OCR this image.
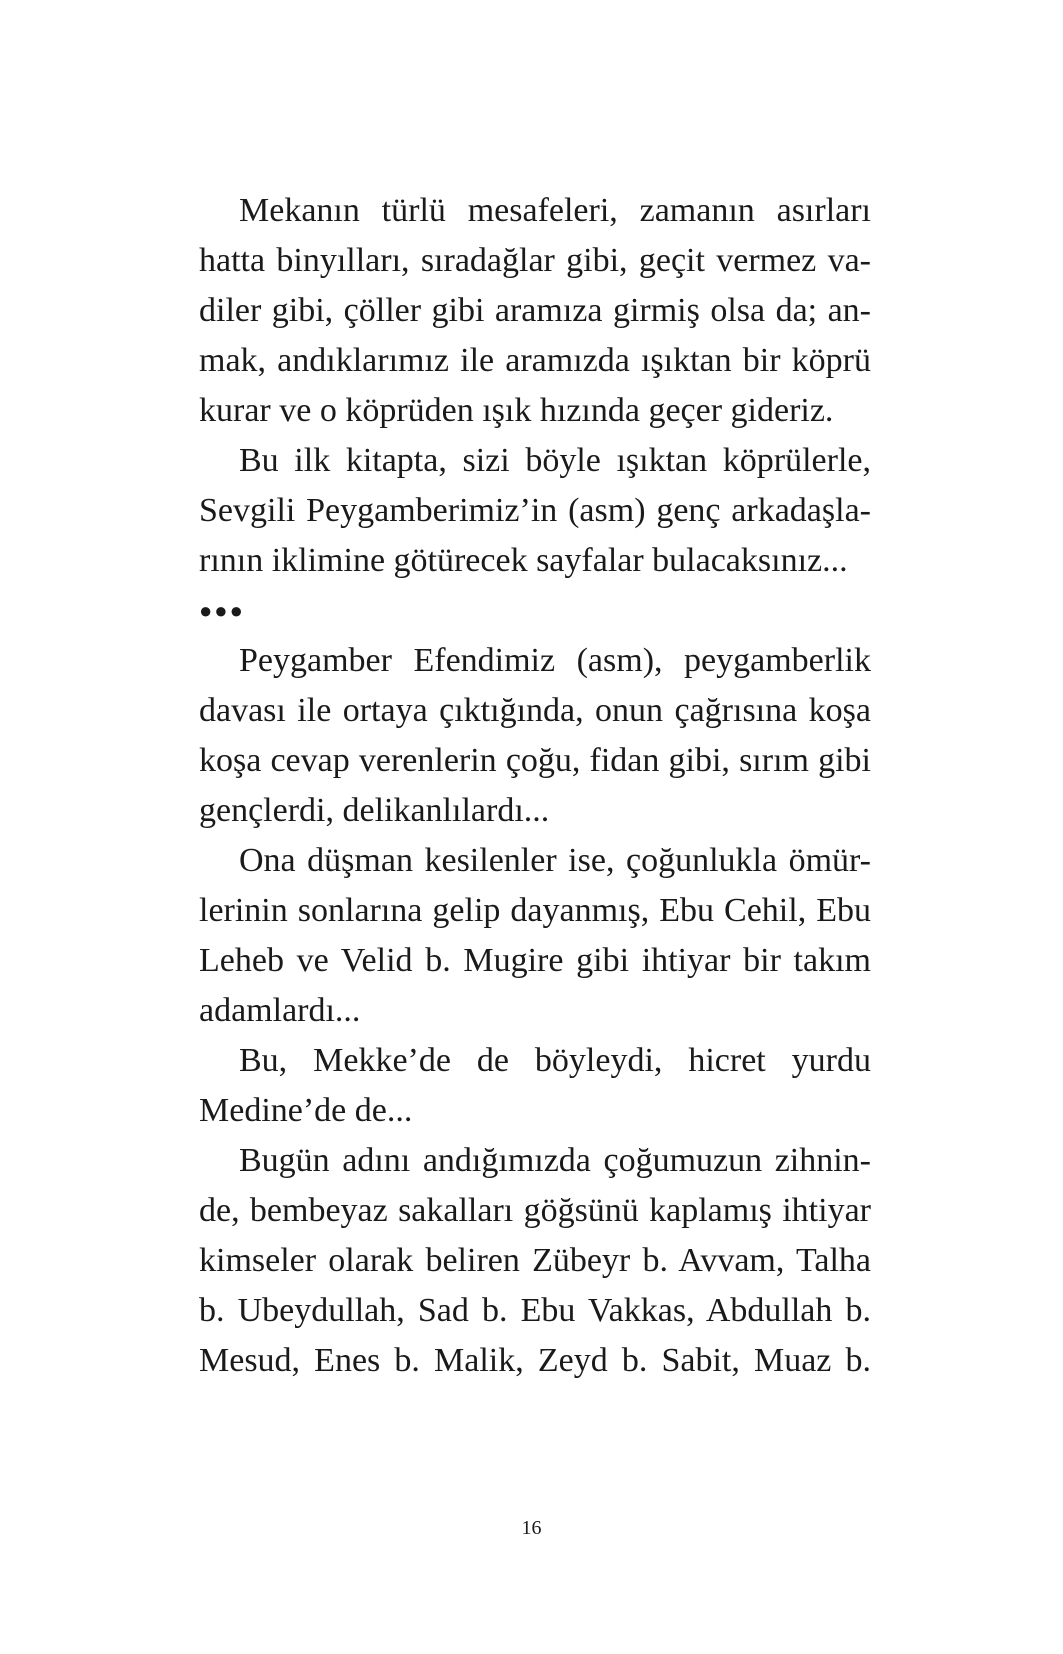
Mekanın türlü mesafeleri, zamanın asırları
hatta binyılları, sıradağlar gibi, geçit vermez va-
diler gibi, çöller gibi aramıza girmiş olsa da; an-
mak, andıklarımız ile aramızda ışıktan bir köprü
kurar ve o köprüden ışık hızında geçer gideriz.
Bu ilk kitapta, sizi böyle ışıktan köprülerle,
Sevgili Peygamberimiz’in (asm) genç arkadaşla-
rının iklimine götürecek sayfalar bulacaksınız...
●●●
Peygamber Efendimiz (asm), peygamberlik
davası ile ortaya çıktığında, onun çağrısına koşa
koşa cevap verenlerin çoğu, fidan gibi, sırım gibi
gençlerdi, delikanlılardı...
Ona düşman kesilenler ise, çoğunlukla ömür-
lerinin sonlarına gelip dayanmış, Ebu Cehil, Ebu
Leheb ve Velid b. Mugire gibi ihtiyar bir takım
adamlardı...
Bu, Mekke’de de böyleydi, hicret yurdu
Medine’de de...
Bugün adını andığımızda çoğumuzun zihnin-
de, bembeyaz sakalları göğsünü kaplamış ihtiyar
kimseler olarak beliren Zübeyr b. Avvam, Talha
b. Ubeydullah, Sad b. Ebu Vakkas, Abdullah b.
Mesud, Enes b. Malik, Zeyd b. Sabit, Muaz b.
16
